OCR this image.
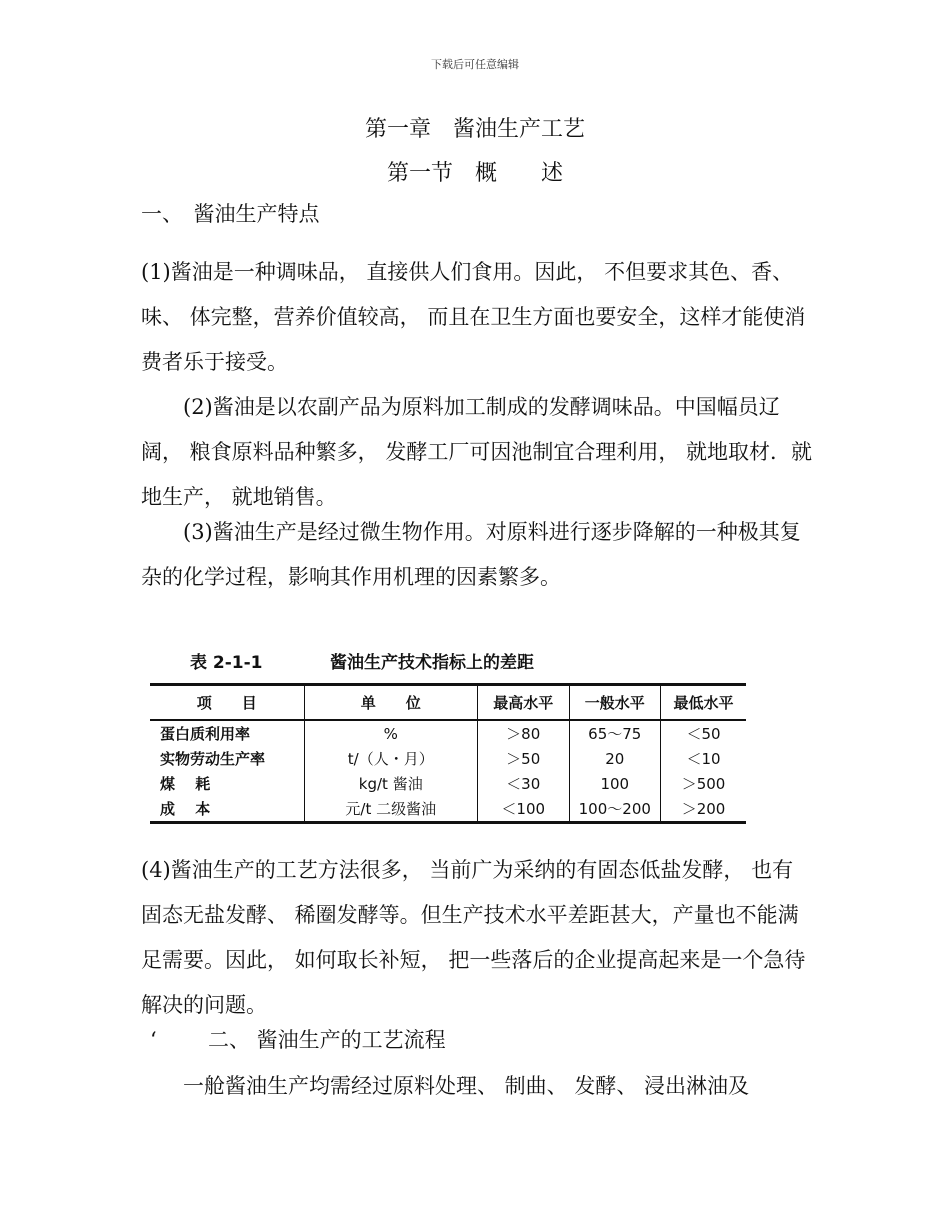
下载后可任意编辑
第一章　酱油生产工艺
第一节　概　　述
一、　酱油生产特点
(1)酱油是一种调味品， 直接供人们食用。因此， 不但要求其色、香、 味、 体完整，营养价值较高， 而且在卫生方面也要安全，这样才能使消费者乐于接受。
(2)酱油是以农副产品为原料加工制成的发酵调味品。中国幅员辽阔， 粮食原料品种繁多， 发酵工厂可因池制宜合理利用， 就地取材．就地生产， 就地销售。
(3)酱油生产是经过微生物作用。对原料进行逐步降解的一种极其复杂的化学过程，影响其作用机理的因素繁多。
表 2-1-1	酱油生产技术指标上的差距
项　　目	单　　位	最高水平	一般水平	最低水平
蛋白质利用率	%	＞80	65～75	＜50
实物劳动生产率	t/（人・月）	＞50	20	＜10
煤　 耗	kg/t 酱油	＜30	100	＞500
成　 本	元/t 二级酱油	＜100	100～200	＞200
(4)酱油生产的工艺方法很多， 当前广为采纳的有固态低盐发酵， 也有固态无盐发酵、 稀圈发酵等。但生产技术水平差距甚大，产量也不能满足需要。因此， 如何取长补短， 把一些落后的企业提高起来是一个急待解决的问题。
‘ 二、 酱油生产的工艺流程
一舱酱油生产均需经过原料处理、 制曲、 发酵、 浸出淋油及
